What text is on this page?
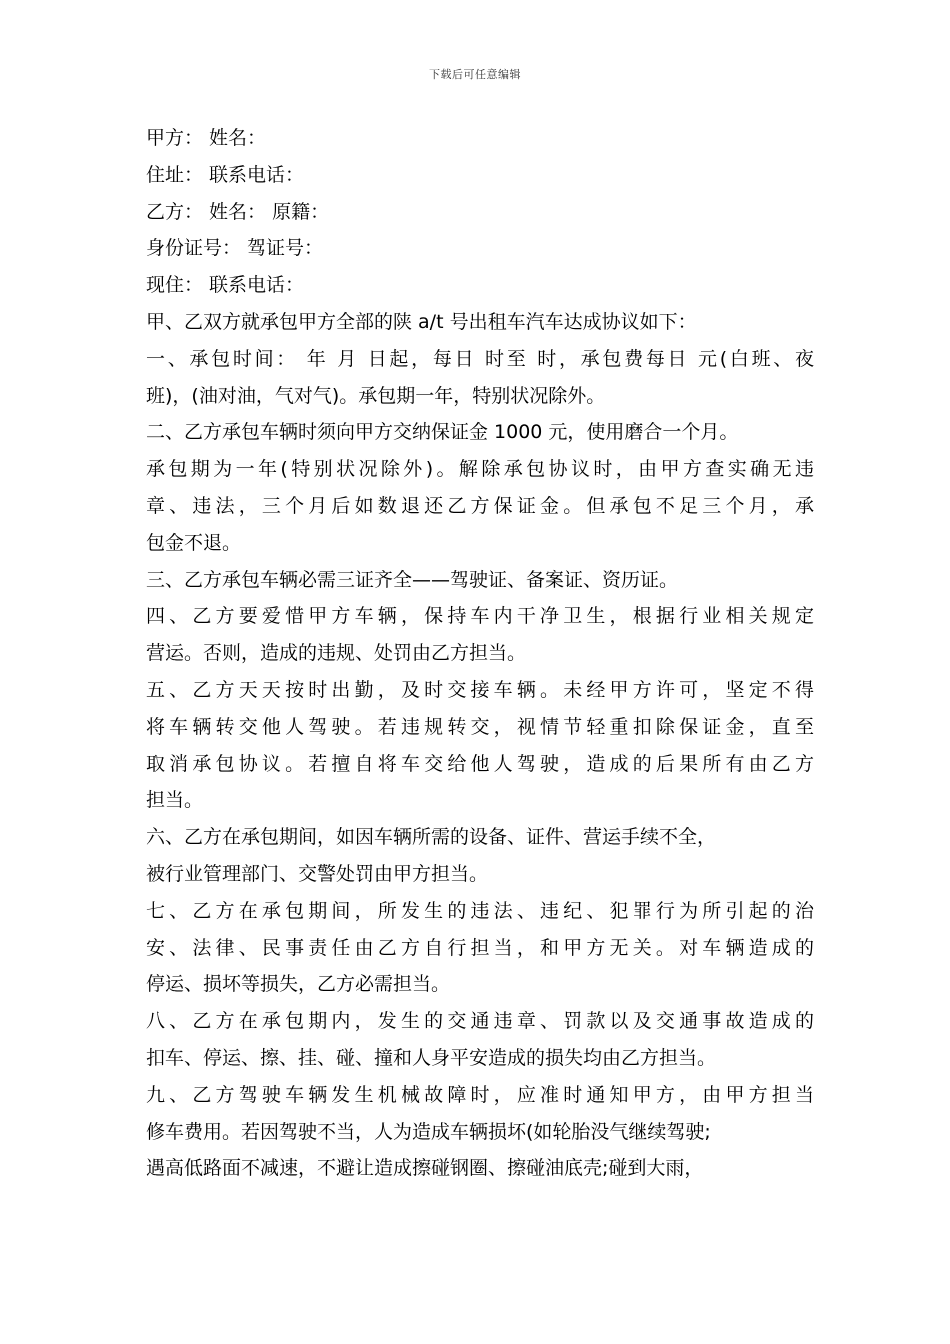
下载后可任意编辑
甲方： 姓名：
住址： 联系电话：
乙方： 姓名： 原籍：
身份证号： 驾证号：
现住： 联系电话：
甲、乙双方就承包甲方全部的陕 a/t 号出租车汽车达成协议如下：
一、承包时间： 年 月 日起，每日 时至 时，承包费每日 元(白班、夜
班)，(油对油，气对气)。承包期一年，特别状况除外。
二、乙方承包车辆时须向甲方交纳保证金 1000 元，使用磨合一个月。
承包期为一年(特别状况除外)。解除承包协议时，由甲方查实确无违
章、违法，三个月后如数退还乙方保证金。但承包不足三个月，承
包金不退。
三、乙方承包车辆必需三证齐全——驾驶证、备案证、资历证。
四、乙方要爱惜甲方车辆，保持车内干净卫生，根据行业相关规定
营运。否则，造成的违规、处罚由乙方担当。
五、乙方天天按时出勤，及时交接车辆。未经甲方许可，坚定不得
将车辆转交他人驾驶。若违规转交，视情节轻重扣除保证金，直至
取消承包协议。若擅自将车交给他人驾驶，造成的后果所有由乙方
担当。
六、乙方在承包期间，如因车辆所需的设备、证件、营运手续不全，
被行业管理部门、交警处罚由甲方担当。
七、乙方在承包期间，所发生的违法、违纪、犯罪行为所引起的治
安、法律、民事责任由乙方自行担当，和甲方无关。对车辆造成的
停运、损坏等损失，乙方必需担当。
八、乙方在承包期内，发生的交通违章、罚款以及交通事故造成的
扣车、停运、擦、挂、碰、撞和人身平安造成的损失均由乙方担当。
九、乙方驾驶车辆发生机械故障时，应准时通知甲方，由甲方担当
修车费用。若因驾驶不当，人为造成车辆损坏(如轮胎没气继续驾驶;
遇高低路面不减速，不避让造成擦碰钢圈、擦碰油底壳;碰到大雨，
